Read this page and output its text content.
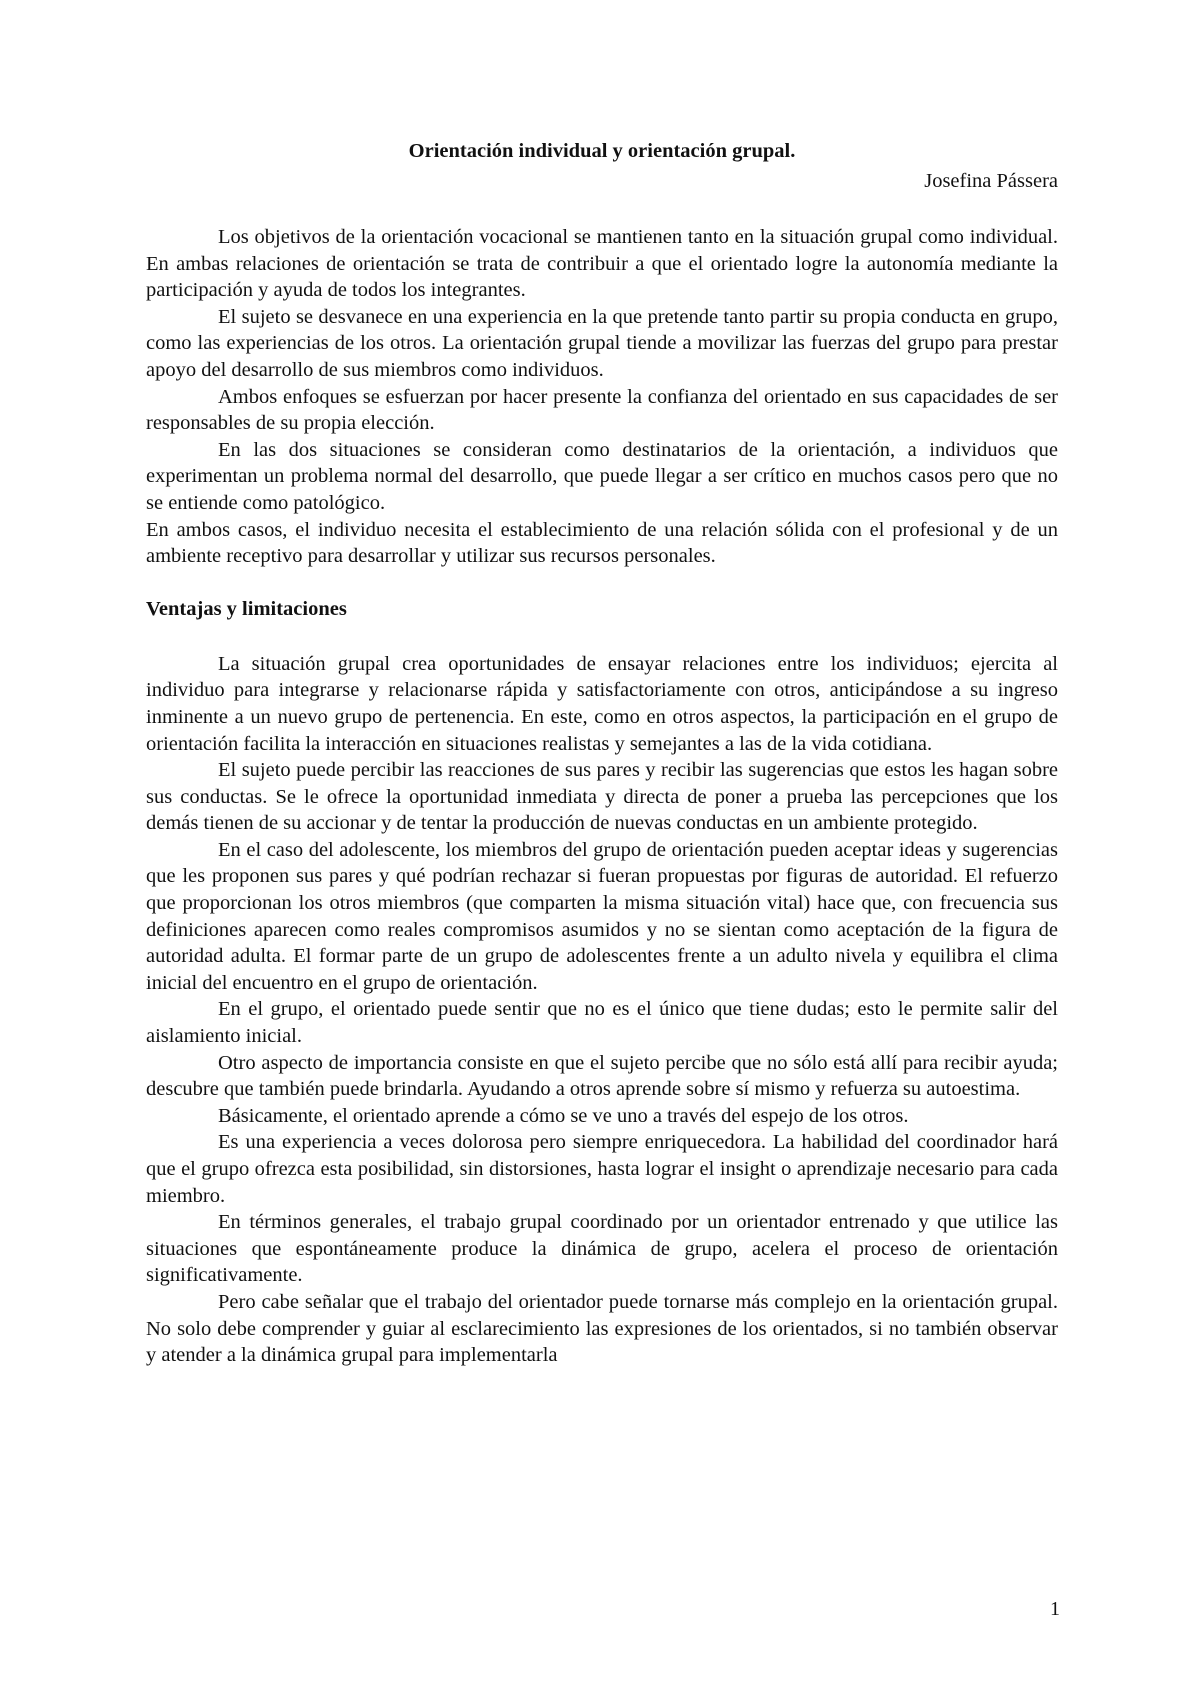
Orientación individual y orientación grupal.

Josefina Pássera

Los objetivos de la orientación vocacional se mantienen tanto en la situación grupal como individual. En ambas relaciones de orientación se trata de contribuir a que el orientado logre la autonomía mediante la participación y ayuda de todos los integrantes.

El sujeto se desvanece en una experiencia en la que pretende tanto partir su propia conducta en grupo, como las experiencias de los otros. La orientación grupal tiende a movilizar las fuerzas del grupo para prestar apoyo del desarrollo de sus miembros como individuos.

Ambos enfoques se esfuerzan por hacer presente la confianza del orientado en sus capacidades de ser responsables de su propia elección.

En las dos situaciones se consideran como destinatarios de la orientación, a individuos que experimentan un problema normal del desarrollo, que puede llegar a ser crítico en muchos casos pero que no se entiende como patológico.

En ambos casos, el individuo necesita el establecimiento de una relación sólida con el profesional y de un ambiente receptivo para desarrollar y utilizar sus recursos personales.

Ventajas y limitaciones

La situación grupal crea oportunidades de ensayar relaciones entre los individuos; ejercita al individuo para integrarse y relacionarse rápida y satisfactoriamente con otros, anticipándose a su ingreso inminente a un nuevo grupo de pertenencia. En este, como en otros aspectos, la participación en el grupo de orientación facilita la interacción en situaciones realistas y semejantes a las de la vida cotidiana.

El sujeto puede percibir las reacciones de sus pares y recibir las sugerencias que estos les hagan sobre sus conductas. Se le ofrece la oportunidad inmediata y directa de poner a prueba las percepciones que los demás tienen de su accionar y de tentar la producción de nuevas conductas en un ambiente protegido.

En el caso del adolescente, los miembros del grupo de orientación pueden aceptar ideas y sugerencias que les proponen sus pares y qué podrían rechazar si fueran propuestas por figuras de autoridad. El refuerzo que proporcionan los otros miembros (que comparten la misma situación vital) hace que, con frecuencia sus definiciones aparecen como reales compromisos asumidos y no se sientan como aceptación de la figura de autoridad adulta. El formar parte de un grupo de adolescentes frente a un adulto nivela y equilibra el clima inicial del encuentro en el grupo de orientación.

En el grupo, el orientado puede sentir que no es el único que tiene dudas; esto le permite salir del aislamiento inicial.

Otro aspecto de importancia consiste en que el sujeto percibe que no sólo está allí para recibir ayuda; descubre que también puede brindarla. Ayudando a otros aprende sobre sí mismo y refuerza su autoestima.

Básicamente, el orientado aprende a cómo se ve uno a través del espejo de los otros.

Es una experiencia a veces dolorosa pero siempre enriquecedora. La habilidad del coordinador hará que el grupo ofrezca esta posibilidad, sin distorsiones, hasta lograr el insight o aprendizaje necesario para cada miembro.

En términos generales, el trabajo grupal coordinado por un orientador entrenado y que utilice las situaciones que espontáneamente produce la dinámica de grupo, acelera el proceso de orientación significativamente.

Pero cabe señalar que el trabajo del orientador puede tornarse más complejo en la orientación grupal. No solo debe comprender y guiar al esclarecimiento las expresiones de los orientados, si no también observar y atender a la dinámica grupal para implementarla

1
